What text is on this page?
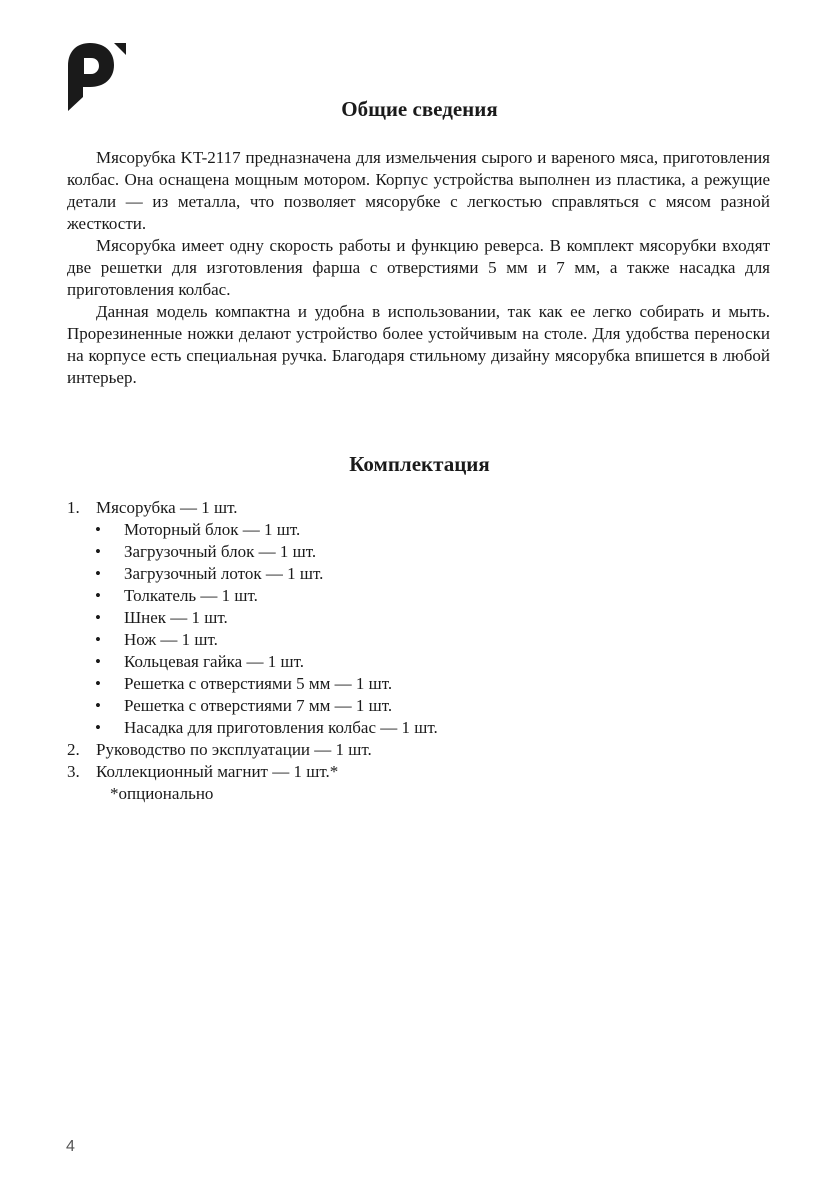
Общие сведения

Мясорубка KT-2117 предназначена для измельчения сырого и вареного мяса, приготовления колбас. Она оснащена мощным мотором. Корпус устройства выполнен из пластика, а режущие детали — из металла, что позволяет мясорубке с легкостью справляться с мясом разной жесткости.

Мясорубка имеет одну скорость работы и функцию реверса. В комплект мясорубки входят две решетки для изготовления фарша с отверстиями 5 мм и 7 мм, а также насадка для приготовления колбас.

Данная модель компактна и удобна в использовании, так как ее легко собирать и мыть. Прорезиненные ножки делают устройство более устойчивым на столе. Для удобства переноски на корпусе есть специальная ручка. Благодаря стильному дизайну мясорубка впишется в любой интерьер.

Комплектация
1. Мясорубка — 1 шт.
• Моторный блок — 1 шт.
• Загрузочный блок — 1 шт.
• Загрузочный лоток — 1 шт.
• Толкатель — 1 шт.
• Шнек — 1 шт.
• Нож — 1 шт.
• Кольцевая гайка — 1 шт.
• Решетка с отверстиями 5 мм — 1 шт.
• Решетка с отверстиями 7 мм — 1 шт.
• Насадка для приготовления колбас — 1 шт.
2. Руководство по эксплуатации — 1 шт.
3. Коллекционный магнит — 1 шт.*
*опционально
4
